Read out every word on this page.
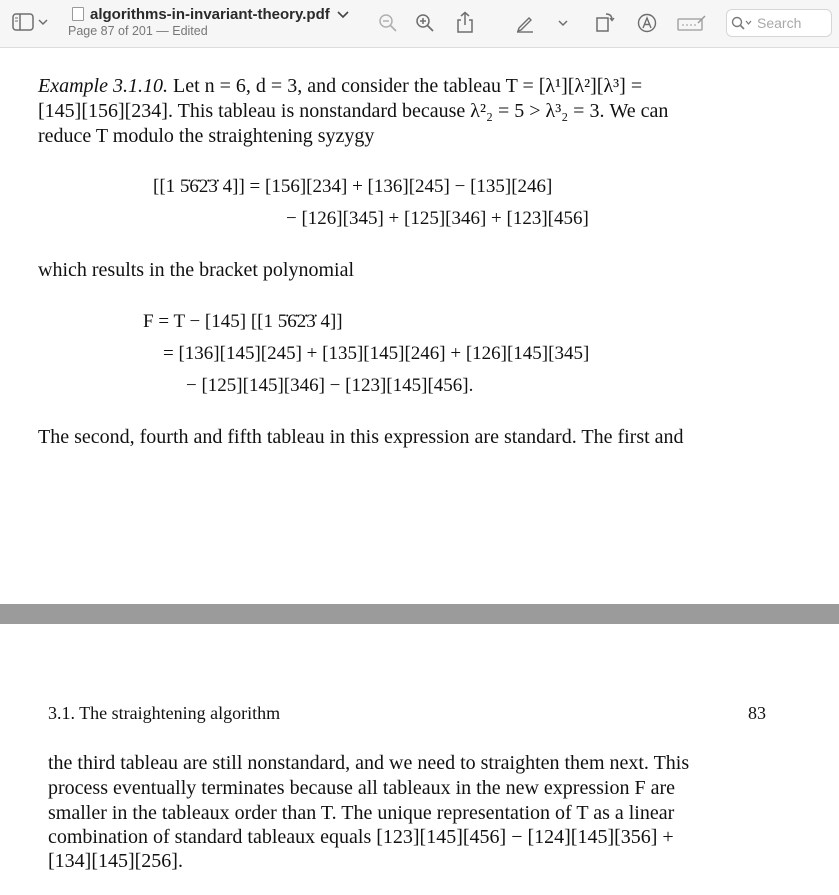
algorithms-in-invariant-theory.pdf
Page 87 of 201 — Edited	Search
Example 3.1.10. Let n = 6, d = 3, and consider the tableau T = [λ¹][λ²][λ³] =
[145][156][234]. This tableau is nonstandard because λ²₂ = 5 > λ³₂ = 3. We can
reduce T modulo the straightening syzygy
[[1 5̇6̇2̇3̇ 4]] = [156][234] + [136][245] − [135][246]
− [126][345] + [125][346] + [123][456]
which results in the bracket polynomial
F = T − [145] [[1 5̇6̇2̇3̇ 4]]
= [136][145][245] + [135][145][246] + [126][145][345]
− [125][145][346] − [123][145][456].
The second, fourth and fifth tableau in this expression are standard. The first and
3.1. The straightening algorithm	83
the third tableau are still nonstandard, and we need to straighten them next. This
process eventually terminates because all tableaux in the new expression F are
smaller in the tableaux order than T. The unique representation of T as a linear
combination of standard tableaux equals [123][145][456] − [124][145][356] +
[134][145][256].
